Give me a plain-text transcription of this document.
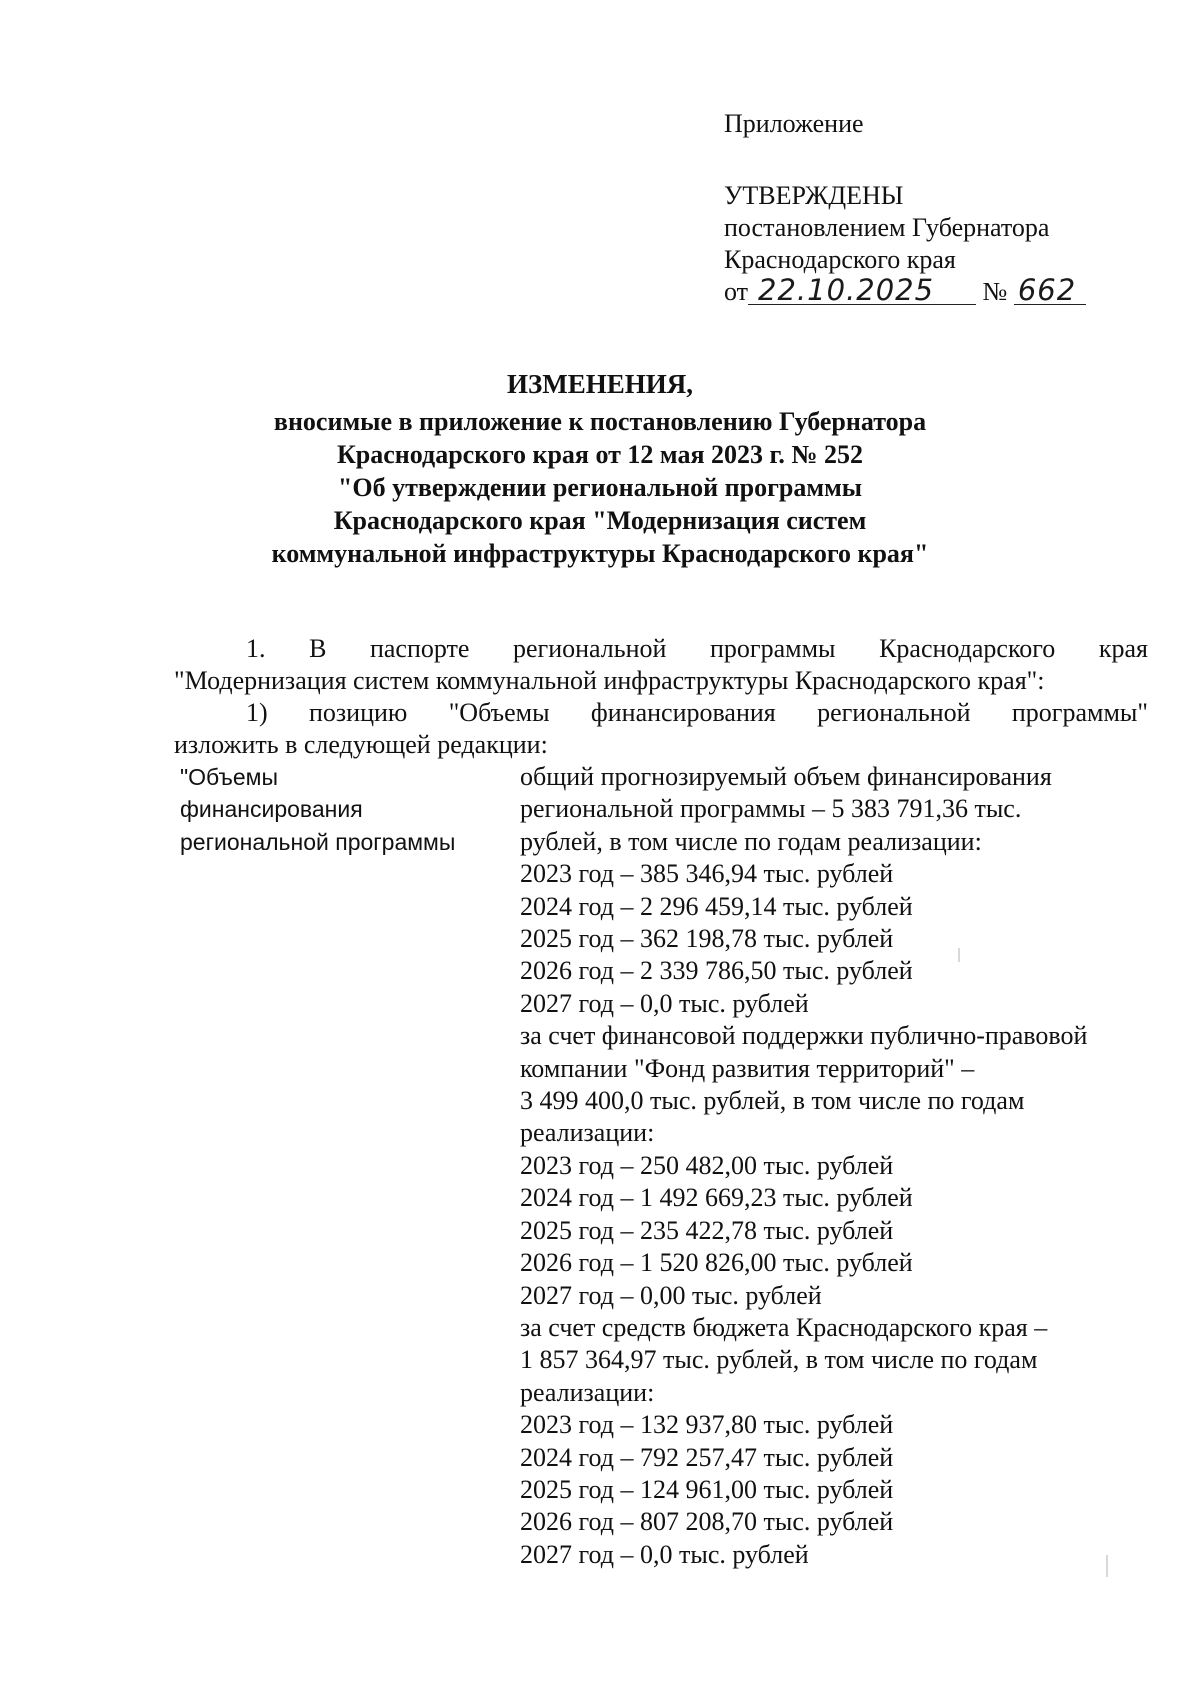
Приложение
УТВЕРЖДЕНЫ
постановлением Губернатора
Краснодарского края
от 22.10.2025 № 662
ИЗМЕНЕНИЯ,
вносимые в приложение к постановлению Губернатора
Краснодарского края от 12 мая 2023 г. № 252
"Об утверждении региональной программы
Краснодарского края "Модернизация систем
коммунальной инфраструктуры Краснодарского края"

1. В паспорте региональной программы Краснодарского края

"Модернизация систем коммунальной инфраструктуры Краснодарского края":

1) позицию "Объемы финансирования региональной программы"

изложить в следующей редакции:

"Объемы
финансирования
региональной программы
общий прогнозируемый объем финансирования
региональной программы – 5 383 791,36 тыс.
рублей, в том числе по годам реализации:
2023 год – 385 346,94 тыс. рублей
2024 год – 2 296 459,14 тыс. рублей
2025 год – 362 198,78 тыс. рублей
2026 год – 2 339 786,50 тыс. рублей
2027 год – 0,0 тыс. рублей
за счет финансовой поддержки публично-правовой
компании "Фонд развития территорий" –
3 499 400,0 тыс. рублей, в том числе по годам
реализации:
2023 год – 250 482,00 тыс. рублей
2024 год – 1 492 669,23 тыс. рублей
2025 год – 235 422,78 тыс. рублей
2026 год – 1 520 826,00 тыс. рублей
2027 год – 0,00 тыс. рублей
за счет средств бюджета Краснодарского края –
1 857 364,97 тыс. рублей, в том числе по годам
реализации:
2023 год – 132 937,80 тыс. рублей
2024 год – 792 257,47 тыс. рублей
2025 год – 124 961,00 тыс. рублей
2026 год – 807 208,70 тыс. рублей
2027 год – 0,0 тыс. рублей
